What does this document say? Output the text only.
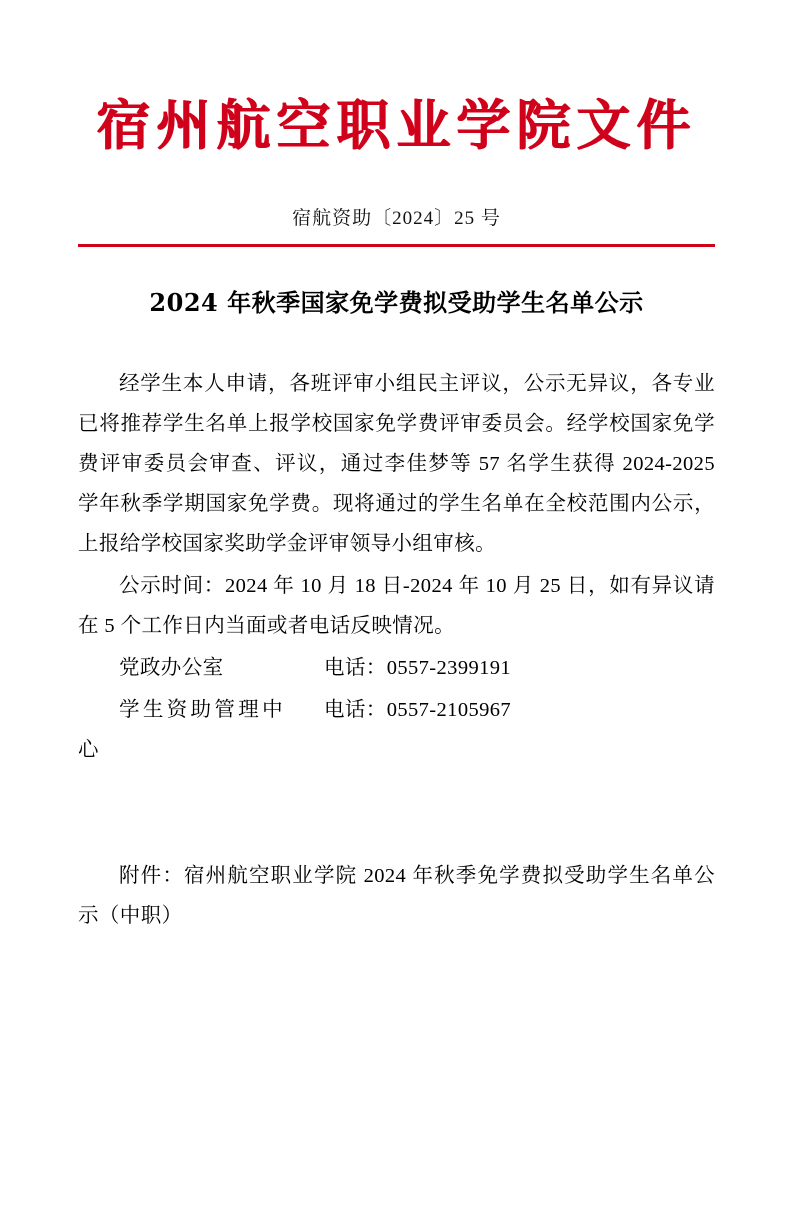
宿州航空职业学院文件
宿航资助〔2024〕25 号
2024 年秋季国家免学费拟受助学生名单公示

经学生本人申请，各班评审小组民主评议，公示无异议，各专业已将推荐学生名单上报学校国家免学费评审委员会。经学校国家免学费评审委员会审查、评议，通过李佳梦等 57 名学生获得 2024-2025 学年秋季学期国家免学费。现将通过的学生名单在全校范围内公示，上报给学校国家奖助学金评审领导小组审核。

公示时间：2024 年 10 月 18 日-2024 年 10 月 25 日，如有异议请在 5 个工作日内当面或者电话反映情况。

党政办公室	电话：0557-2399191
学生资助管理中心
电话：0557-2105967
附件：宿州航空职业学院 2024 年秋季免学费拟受助学生名单公示（中职）
